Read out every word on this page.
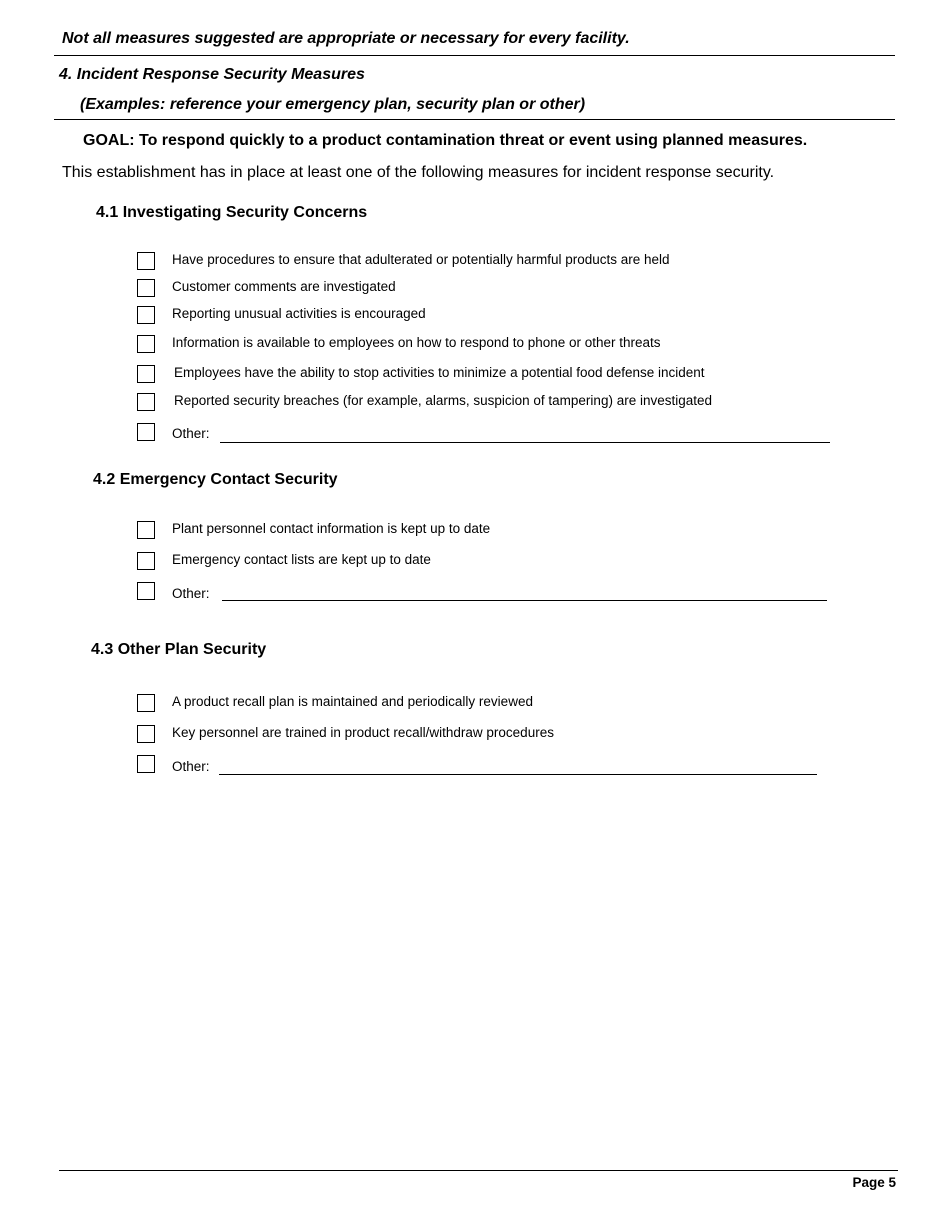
Not all measures suggested are appropriate or necessary for every facility.
4. Incident Response Security Measures
(Examples: reference your emergency plan, security plan or other)
GOAL: To respond quickly to a product contamination threat or event using planned measures.
This establishment has in place at least one of the following measures for incident response security.
4.1 Investigating Security Concerns
Have procedures to ensure that adulterated or potentially harmful products are held
Customer comments are investigated
Reporting unusual activities is encouraged
Information is available to employees on how to respond to phone or other threats
Employees have the ability to stop activities to minimize a potential food defense incident
Reported security breaches (for example, alarms, suspicion of tampering) are investigated
Other:
4.2 Emergency Contact Security
Plant personnel contact information is kept up to date
Emergency contact lists are kept up to date
Other:
4.3 Other Plan Security
A product recall plan is maintained and periodically reviewed
Key personnel are trained in product recall/withdraw procedures
Other:
Page 5
